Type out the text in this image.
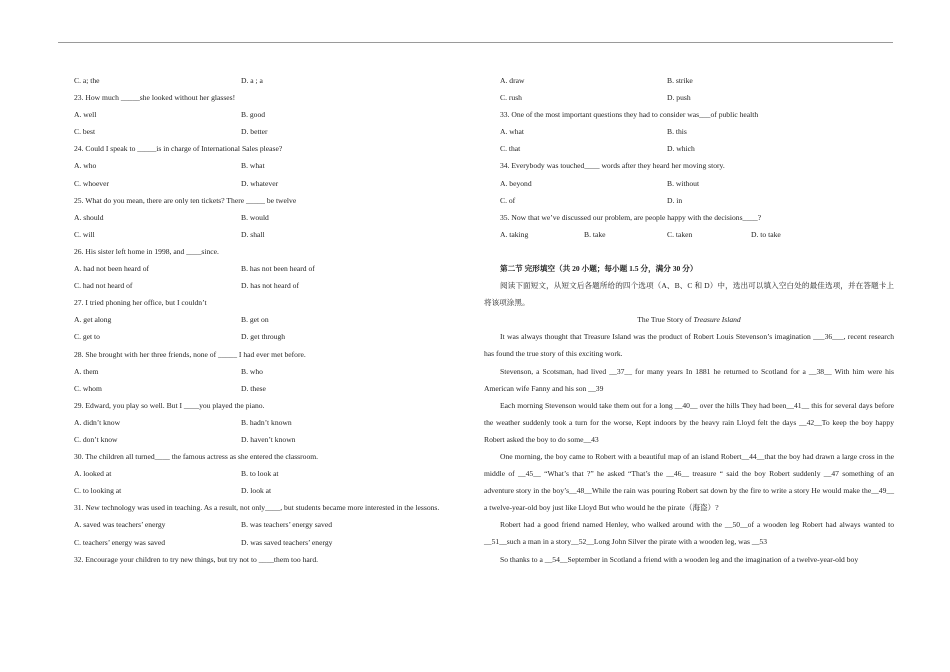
C. a; the	D. a ; a
23. How much _____she looked without her glasses!
A. well	B. good
C. best	D. better
24. Could I speak to _____is in charge of International Sales please?
A. who	B. what
C. whoever	D. whatever
25. What do you mean, there are only ten tickets? There _____ be twelve
A. should	B. would
C. will	D. shall
26. His sister left home in 1998, and ____since.
A. had not been heard of	B. has not been heard of
C. had not heard of	D. has not heard of
27. I tried phoning her office, but I couldn’t
A. get along	B. get on
C. get to	D. get through
28. She brought with her three friends, none of _____ I had ever met before.
A. them	B. who
C. whom	D. these
29. Edward, you play so well. But I ____you played the piano.
A. didn’t know	B. hadn’t known
C. don’t know	D. haven’t known
30. The children all turned____ the famous actress as she entered the classroom.
A. looked at	B. to look at
C. to looking at	D. look at
31. New technology was used in teaching. As a result, not only____, but students became more interested in the lessons.
A. saved was teachers’ energy	B. was teachers’ energy saved
C. teachers’ energy was saved	D. was saved teachers’ energy
32. Encourage your children to try new things, but try not to ____them too hard.
A. draw	B. strike
C. rush	D. push
33. One of the most important questions they had to consider was___of public health
A. what	B. this
C. that	D. which
34. Everybody was touched____ words after they heard her moving story.
A. beyond	B. without
C. of	D. in
35. Now that we’ve discussed our problem, are people happy with the decisions____?
A. taking	B. take	C. taken	D. to take
第二节 完形填空（共 20 小题；每小题 1.5 分，满分 30 分）
阅读下面短文，从短文后各题所给的四个选项（A、B、C 和 D）中，选出可以填入空白处的最佳选项，并在答题卡上将该项涂黑。
The True Story of Treasure Island
It was always thought that Treasure Island was the product of Robert Louis Stevenson’s imagination ___36___, recent research has found the true story of this exciting work.
Stevenson, a Scotsman, had lived __37__ for many years In 1881 he returned to Scotland for a __38__ With him were his American wife Fanny and his son __39
Each morning Stevenson would take them out for a long __40__ over the hills They had been__41__ this for several days before the weather suddenly took a turn for the worse, Kept indoors by the heavy rain Lloyd felt the days __42__To keep the boy happy Robert asked the boy to do some__43
One morning, the boy came to Robert with a beautiful map of an island Robert__44__that the boy had drawn a large cross in the middle of __45__ “What’s that ?” he asked “That’s the __46__ treasure “ said the boy Robert suddenly __47 something of an adventure story in the boy’s__48__While the rain was pouring Robert sat down by the fire to write a story He would make the__49__ a twelve-year-old boy just like Lloyd But who would he the pirate（海盗）?
Robert had a good friend named Henley, who walked around with the __50__of a wooden leg Robert had always wanted to __51__such a man in a story__52__Long John Silver the pirate with a wooden leg, was __53
So thanks to a __54__September in Scotland a friend with a wooden leg and the imagination of a twelve-year-old boy
